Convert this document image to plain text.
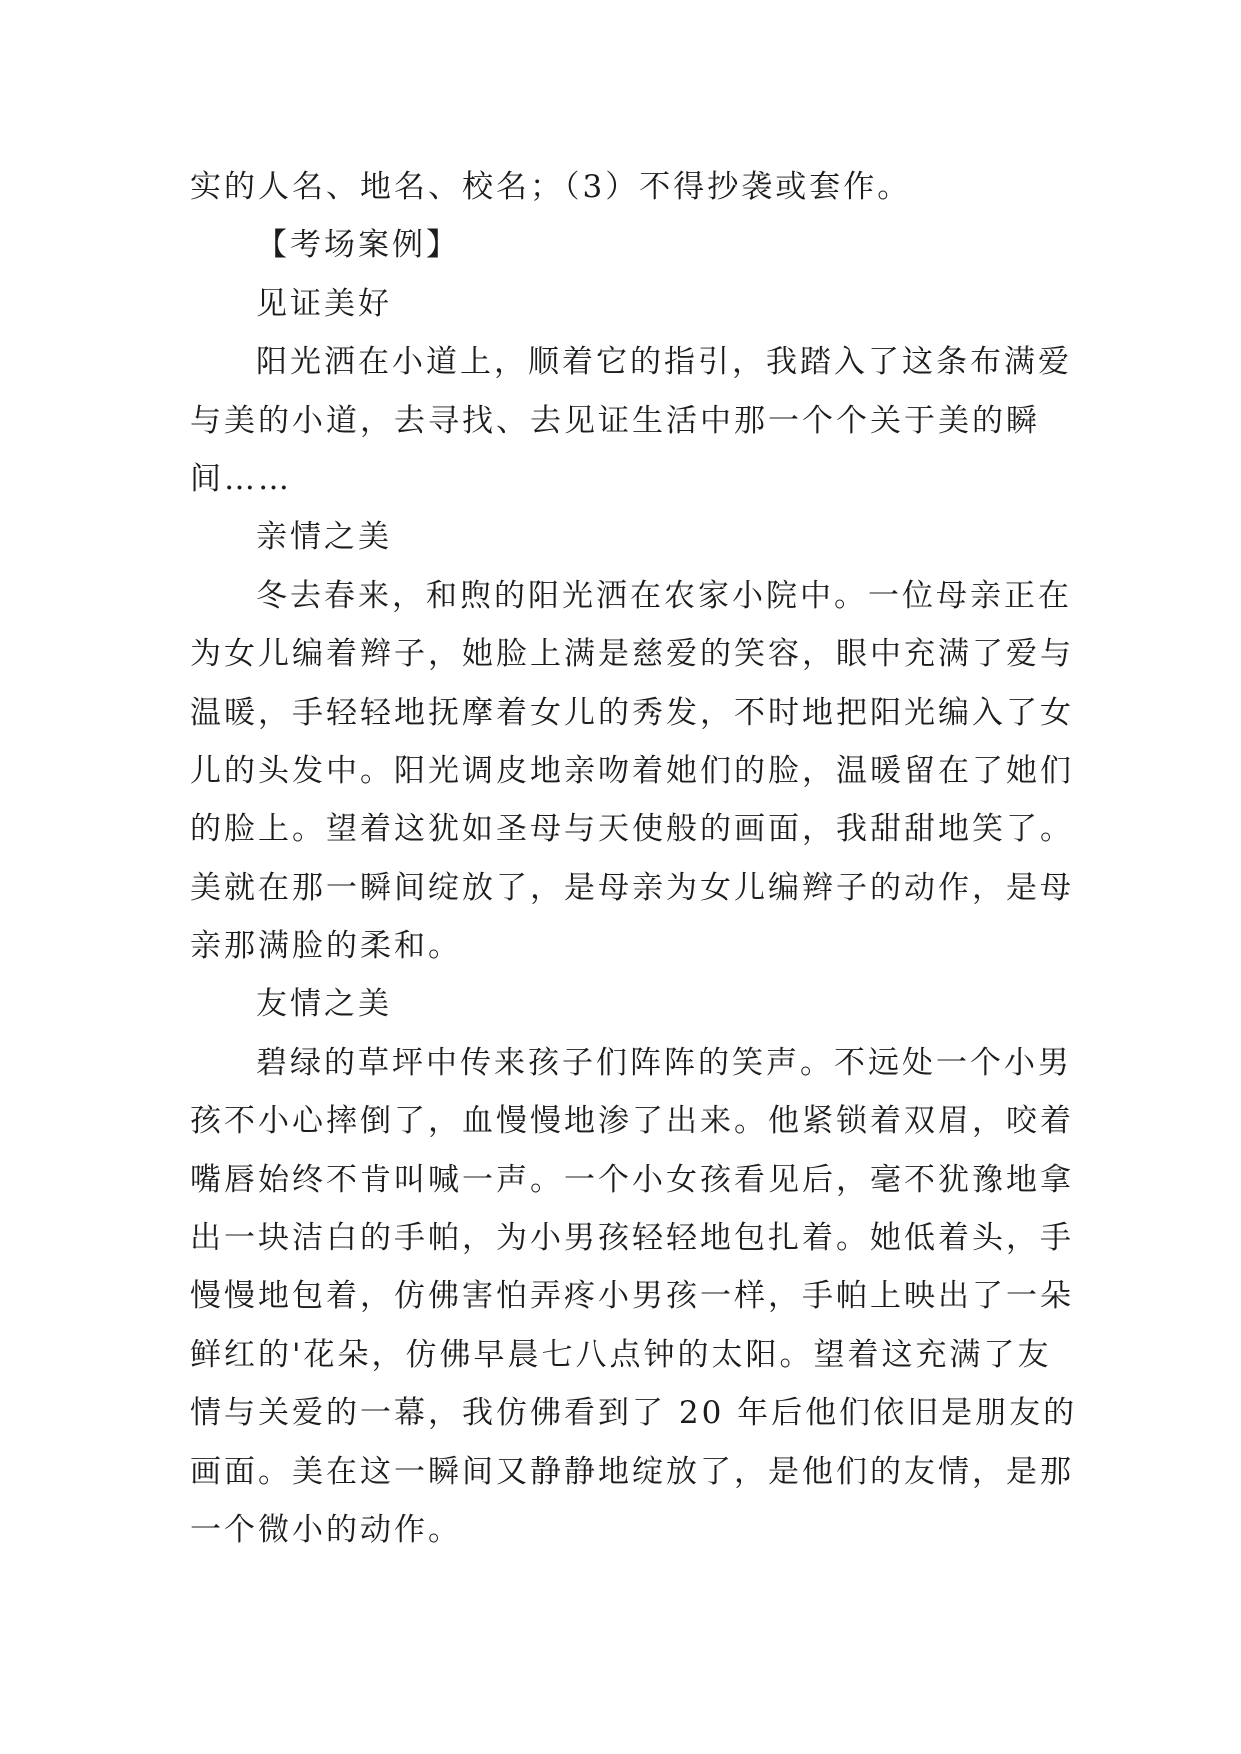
实的人名、地名、校名；（3）不得抄袭或套作。
【考场案例】
见证美好
阳光洒在小道上，顺着它的指引，我踏入了这条布满爱
与美的小道，去寻找、去见证生活中那一个个关于美的瞬
间……
亲情之美
冬去春来，和煦的阳光洒在农家小院中。一位母亲正在
为女儿编着辫子，她脸上满是慈爱的笑容，眼中充满了爱与
温暖，手轻轻地抚摩着女儿的秀发，不时地把阳光编入了女
儿的头发中。阳光调皮地亲吻着她们的脸，温暖留在了她们
的脸上。望着这犹如圣母与天使般的画面，我甜甜地笑了。
美就在那一瞬间绽放了，是母亲为女儿编辫子的动作，是母
亲那满脸的柔和。
友情之美
碧绿的草坪中传来孩子们阵阵的笑声。不远处一个小男
孩不小心摔倒了，血慢慢地渗了出来。他紧锁着双眉，咬着
嘴唇始终不肯叫喊一声。一个小女孩看见后，毫不犹豫地拿
出一块洁白的手帕，为小男孩轻轻地包扎着。她低着头，手
慢慢地包着，仿佛害怕弄疼小男孩一样，手帕上映出了一朵
鲜红的'花朵，仿佛早晨七八点钟的太阳。望着这充满了友
情与关爱的一幕，我仿佛看到了 20 年后他们依旧是朋友的
画面。美在这一瞬间又静静地绽放了，是他们的友情，是那
一个微小的动作。
